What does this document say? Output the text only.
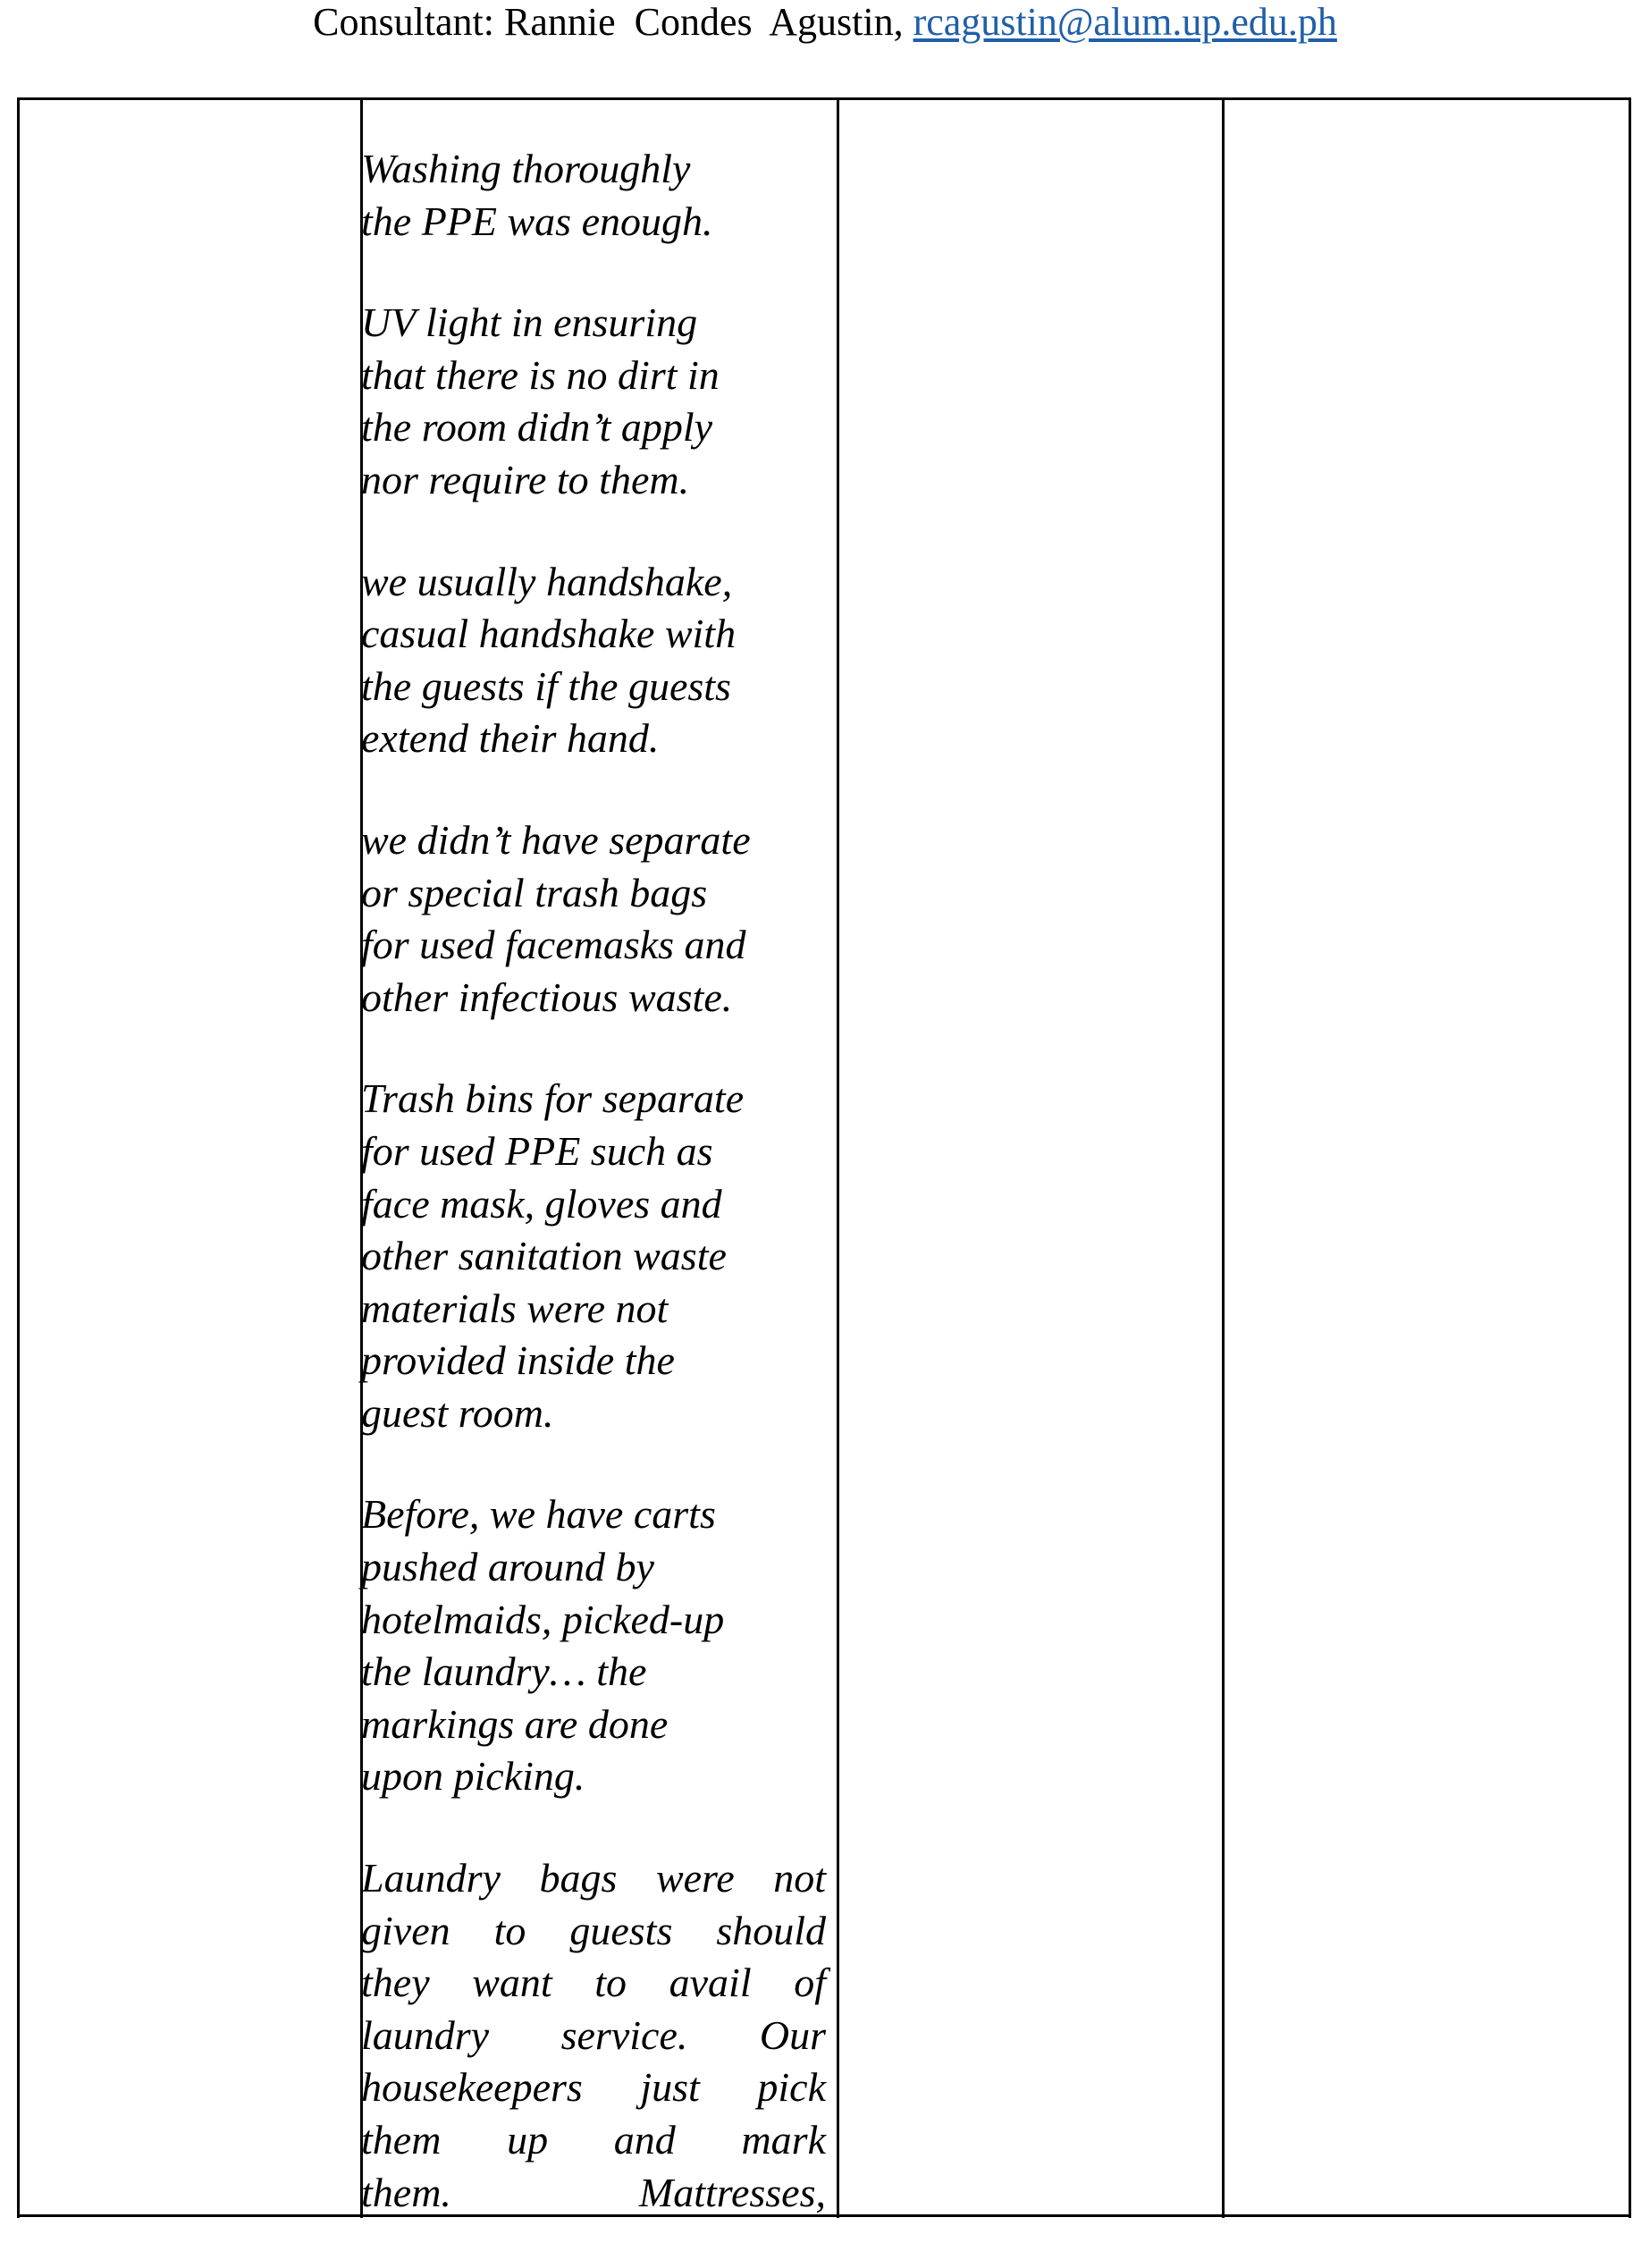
Consultant: Rannie Condes Agustin, rcagustin@alum.up.edu.ph

Washing thoroughly
the PPE was enough.

UV light in ensuring
that there is no dirt in
the room didn’t apply
nor require to them.

we usually handshake,
casual handshake with
the guests if the guests
extend their hand.

we didn’t have separate
or special trash bags
for used facemasks and
other infectious waste.

Trash bins for separate
for used PPE such as
face mask, gloves and
other sanitation waste
materials were not
provided inside the
guest room.

Before, we have carts
pushed around by
hotelmaids, picked-up
the laundry… the
markings are done
upon picking.

Laundry bags were not
given to guests should
they want to avail of
laundry service. Our
housekeepers just pick
them up and mark
them. Mattresses,
